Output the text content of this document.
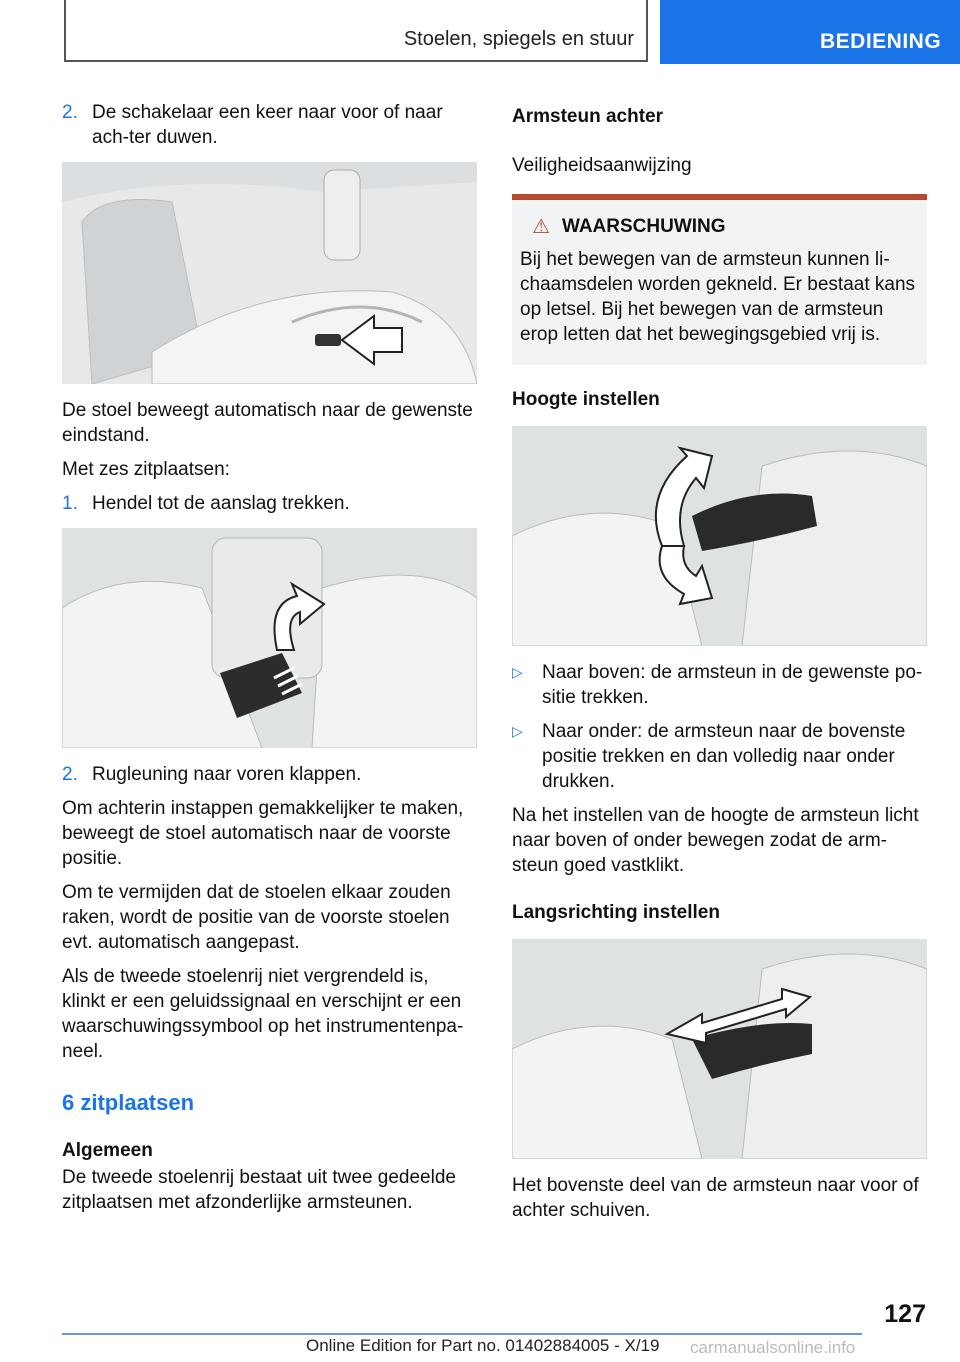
Stoelen, spiegels en stuur	BEDIENING
2. De schakelaar een keer naar voor of naar ach-ter duwen.

De stoel beweegt automatisch naar de gewenste eindstand.

Met zes zitplaatsen:

1. Hendel tot de aanslag trekken.
2. Rugleuning naar voren klappen.

Om achterin instappen gemakkelijker te maken, beweegt de stoel automatisch naar de voorste positie.

Om te vermijden dat de stoelen elkaar zouden raken, wordt de positie van de voorste stoelen evt. automatisch aangepast.

Als de tweede stoelenrij niet vergrendeld is, klinkt er een geluidssignaal en verschijnt er een waarschuwingssymbool op het instrumentenpa-neel.

6 zitplaatsen
Algemeen

De tweede stoelenrij bestaat uit twee gedeelde zitplaatsen met afzonderlijke armsteunen.

Armsteun achter
Veiligheidsaanwijzing
⚠ WAARSCHUWING

Bij het bewegen van de armsteun kunnen li-chaamsdelen worden gekneld. Er bestaat kans op letsel. Bij het bewegen van de armsteun erop letten dat het bewegingsgebied vrij is.

Hoogte instellen
▷	Naar boven: de armsteun in de gewenste po-sitie trekken.
▷	Naar onder: de armsteun naar de bovenste positie trekken en dan volledig naar onder drukken.

Na het instellen van de hoogte de armsteun licht naar boven of onder bewegen zodat de arm-steun goed vastklikt.

Langsrichting instellen

Het bovenste deel van de armsteun naar voor of achter schuiven.

127
Online Edition for Part no. 01402884005 - X/19 carmanualsonline.info
